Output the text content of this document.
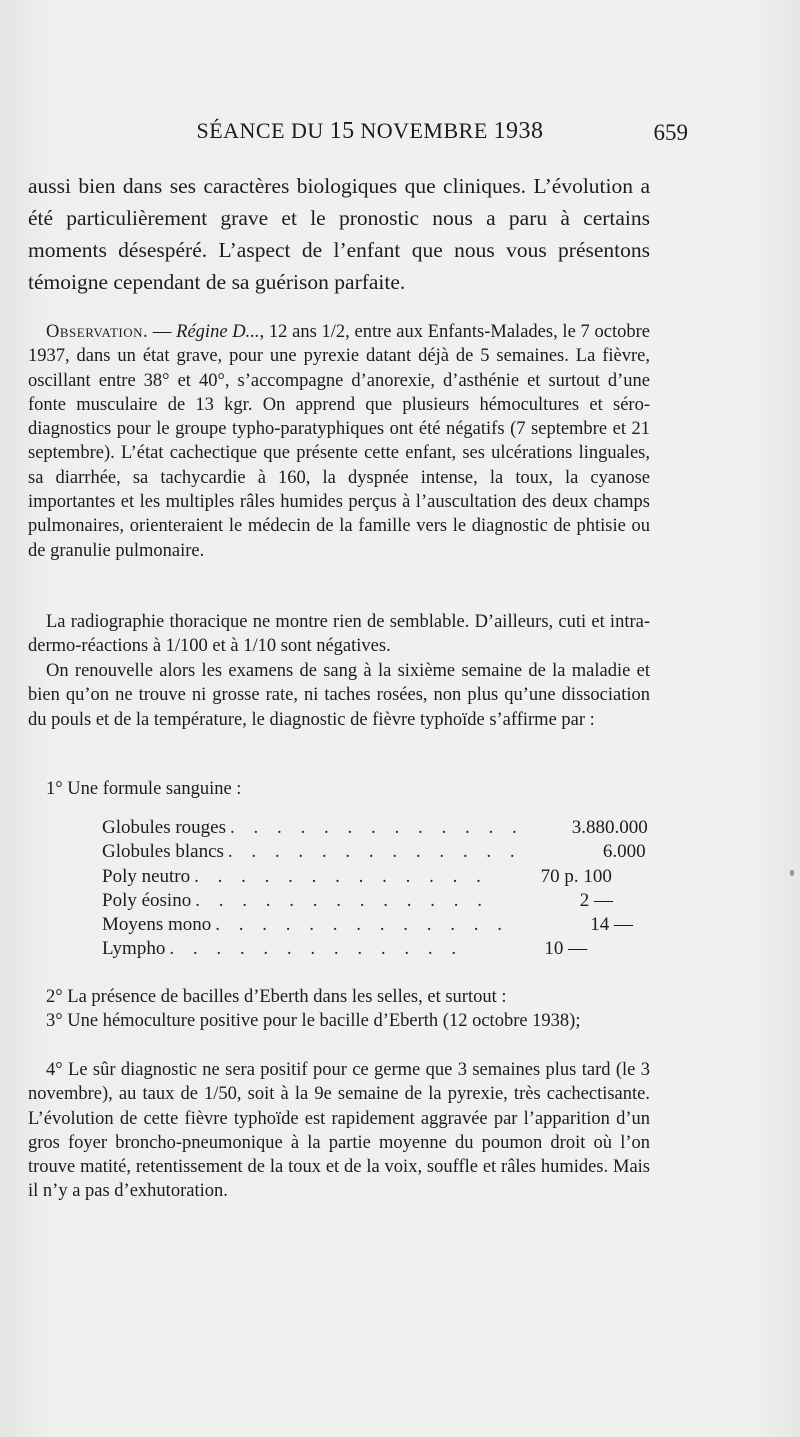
SÉANCE DU 15 NOVEMBRE 1938	659

aussi bien dans ses caractères biologiques que cliniques. L’évolution a été particulièrement grave et le pronostic nous a paru à certains moments désespéré. L’aspect de l’enfant que nous vous présentons témoigne cependant de sa guérison parfaite.

Observation. — Régine D..., 12 ans 1/2, entre aux Enfants-Malades, le 7 octobre 1937, dans un état grave, pour une pyrexie datant déjà de 5 semaines. La fièvre, oscillant entre 38° et 40°, s’accompagne d’anorexie, d’asthénie et surtout d’une fonte musculaire de 13 kgr. On apprend que plusieurs hémocultures et séro-diagnostics pour le groupe typho-paratyphiques ont été négatifs (7 septembre et 21 septembre). L’état cachectique que présente cette enfant, ses ulcérations linguales, sa diarrhée, sa tachycardie à 160, la dyspnée intense, la toux, la cyanose importantes et les multiples râles humides perçus à l’auscultation des deux champs pulmonaires, orienteraient le médecin de la famille vers le diagnostic de phtisie ou de granulie pulmonaire.

La radiographie thoracique ne montre rien de semblable. D’ailleurs, cuti et intra-dermo-réactions à 1/100 et à 1/10 sont négatives.

On renouvelle alors les examens de sang à la sixième semaine de la maladie et bien qu’on ne trouve ni grosse rate, ni taches rosées, non plus qu’une dissociation du pouls et de la température, le diagnostic de fièvre typhoïde s’affirme par :

1° Une formule sanguine :

Globules rouges . . . . . . . . . . . . .	3.880.000
Globules blancs . . . . . . . . . . . . .	6.000
Poly neutro . . . . . . . . . . . . .	70 p. 100
Poly éosino . . . . . . . . . . . . .	2 —
Moyens mono . . . . . . . . . . . . .	14 —
Lympho . . . . . . . . . . . . .	10 —

2° La présence de bacilles d’Eberth dans les selles, et surtout :

3° Une hémoculture positive pour le bacille d’Eberth (12 octobre 1938);

4° Le sûr diagnostic ne sera positif pour ce germe que 3 semaines plus tard (le 3 novembre), au taux de 1/50, soit à la 9e semaine de la pyrexie, très cachectisante. L’évolution de cette fièvre typhoïde est rapidement aggravée par l’apparition d’un gros foyer broncho-pneumonique à la partie moyenne du poumon droit où l’on trouve matité, retentissement de la toux et de la voix, souffle et râles humides. Mais il n’y a pas d’exhutoration.
